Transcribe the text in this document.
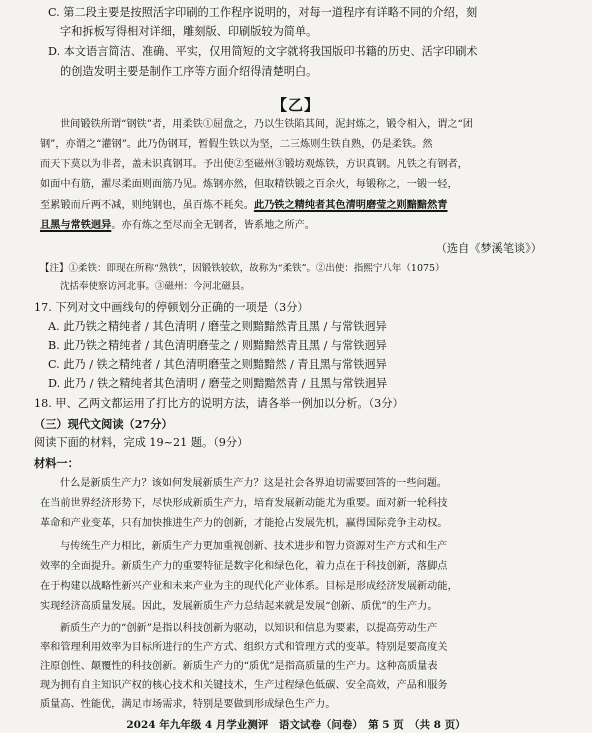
C. 第二段主要是按照活字印刷的工作程序说明的，对每一道程序有详略不同的介绍，刻
字和拆板写得相对详细，雕刻版、印刷版较为简单。
D. 本文语言简洁、准确、平实，仅用简短的文字就将我国版印书籍的历史、活字印刷术
的创造发明主要是制作工序等方面介绍得清楚明白。
【乙】
世间锻铁所谓“钢铁”者，用柔铁①屈盘之，乃以生铁陷其间，泥封炼之，锻令相入，谓之“团
钢”，亦谓之“灌钢”。此乃伪钢耳，暂假生铁以为坚，二三炼则生铁自熟，仍是柔铁。然
而天下莫以为非者，盖未识真钢耳。予出使②至磁州③锻坊观炼铁，方识真钢。凡铁之有钢者，
如面中有筋，濯尽柔面则面筋乃见。炼钢亦然，但取精铁锻之百余火，每锻称之，一锻一轻，
至累锻而斤两不减，则纯钢也，虽百炼不耗矣。此乃铁之精纯者其色清明磨莹之则黯黯然青
且黑与常铁迥异。亦有炼之至尽而全无钢者，皆系地之所产。
（选自《梦溪笔谈》）
【注】①柔铁：即现在所称“熟铁”，因锻铁较软，故称为“柔铁”。②出使：指熙宁八年（1075）
沈括奉使察访河北事。③磁州：今河北磁县。
17. 下列对文中画线句的停顿划分正确的一项是（3分）
A. 此乃铁之精纯者 / 其色清明 / 磨莹之则黯黯然青且黑 / 与常铁迥异
B. 此乃铁之精纯者 / 其色清明磨莹之 / 则黯黯然青且黑 / 与常铁迥异
C. 此乃 / 铁之精纯者 / 其色清明磨莹之则黯黯然 / 青且黑与常铁迥异
D. 此乃 / 铁之精纯者其色清明 / 磨莹之则黯黯然青 / 且黑与常铁迥异
18. 甲、乙两文都运用了打比方的说明方法，请各举一例加以分析。（3分）
（三）现代文阅读（27分）
阅读下面的材料，完成 19~21 题。（9分）
材料一：
什么是新质生产力？该如何发展新质生产力？这是社会各界迫切需要回答的一些问题。
在当前世界经济形势下，尽快形成新质生产力，培育发展新动能尤为重要。面对新一轮科技
革命和产业变革，只有加快推进生产力的创新，才能抢占发展先机，赢得国际竞争主动权。
与传统生产力相比，新质生产力更加重视创新、技术进步和智力资源对生产方式和生产
效率的全面提升。新质生产力的重要特征是数字化和绿色化，着力点在于科技创新，落脚点
在于构建以战略性新兴产业和未来产业为主的现代化产业体系。目标是形成经济发展新动能，
实现经济高质量发展。因此，发展新质生产力总结起来就是发展“创新、质优”的生产力。
新质生产力的“创新”是指以科技创新为驱动，以知识和信息为要素，以提高劳动生产
率和管理利用效率为目标所进行的生产方式、组织方式和管理方式的变革。特别是要高度关
注原创性、颠覆性的科技创新。新质生产力的“质优”是指高质量的生产力。这种高质量表
现为拥有自主知识产权的核心技术和关键技术，生产过程绿色低碳、安全高效，产品和服务
质量高、性能优，满足市场需求，特别是要做到形成绿色生产力。
2024 年九年级 4 月学业测评　语文试卷（问卷）　第 5 页　（共 8 页）
